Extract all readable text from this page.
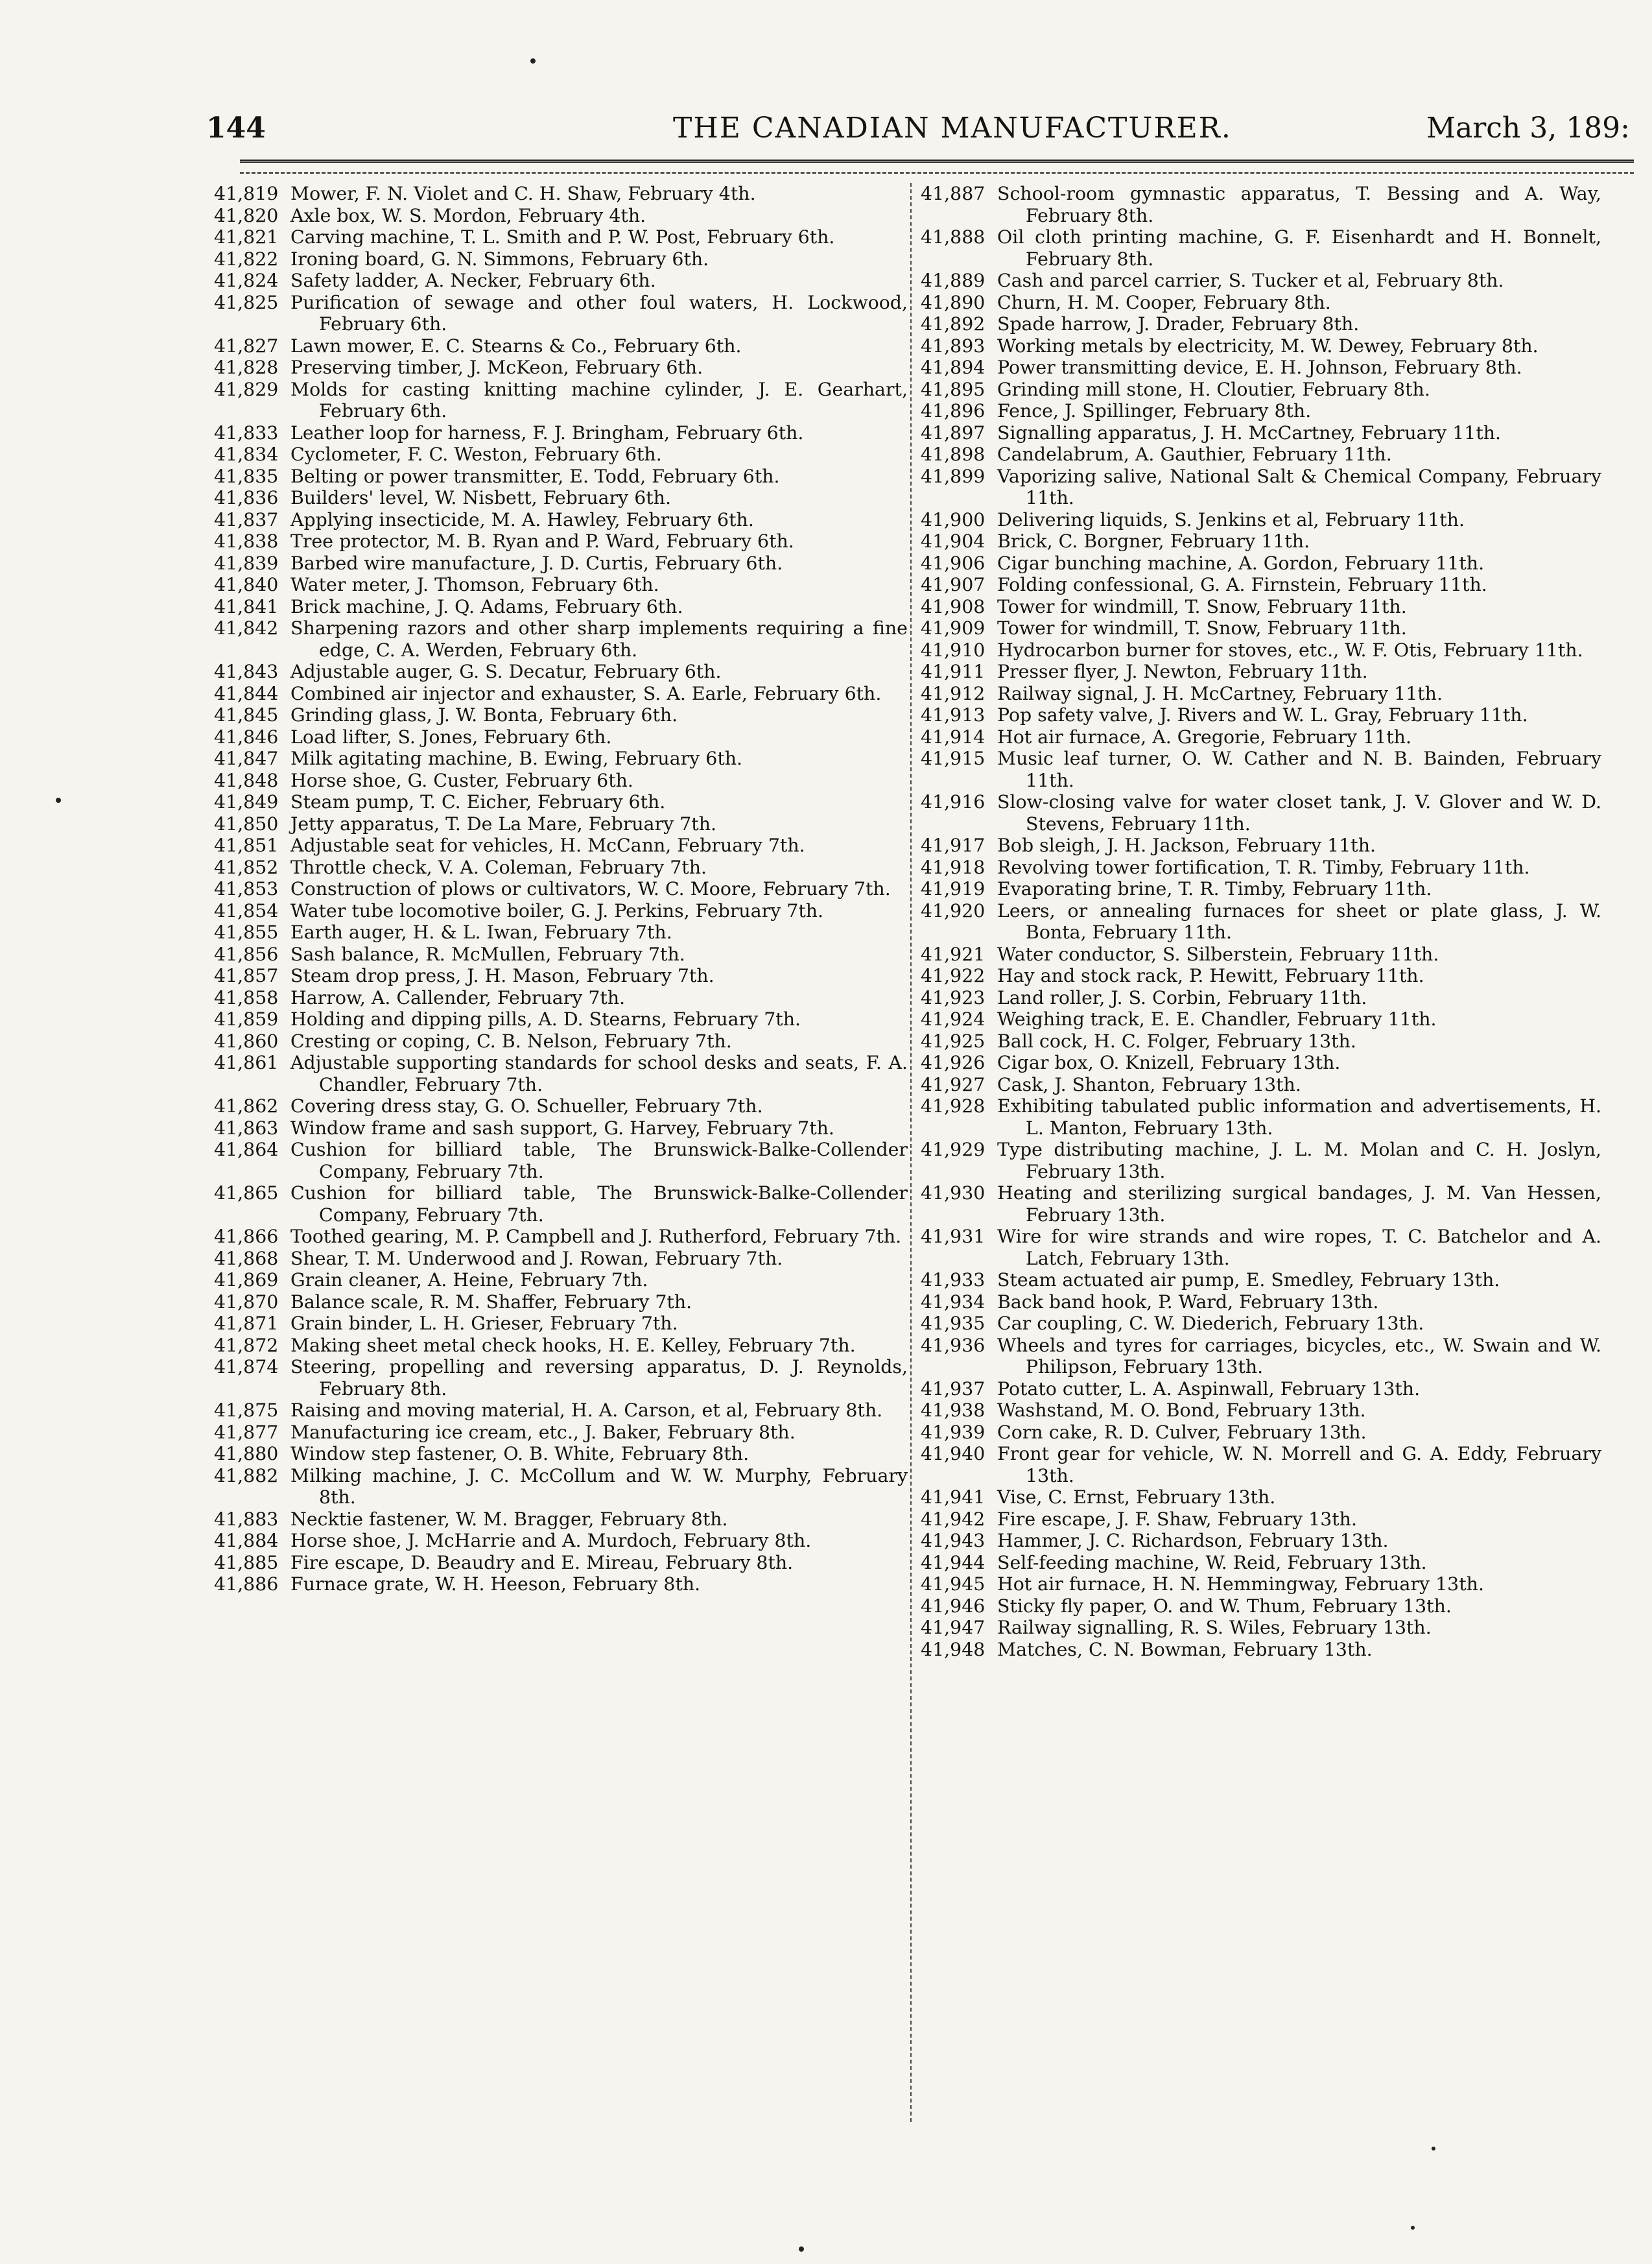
144	THE CANADIAN MANUFACTURER.	March 3, 189:
41,819 Mower, F. N. Violet and C. H. Shaw, February 4th.
41,820 Axle box, W. S. Mordon, February 4th.
41,821 Carving machine, T. L. Smith and P. W. Post, February 6th.
41,822 Ironing board, G. N. Simmons, February 6th.
41,824 Safety ladder, A. Necker, February 6th.
41,825 Purification of sewage and other foul waters, H. Lockwood, February 6th.
41,827 Lawn mower, E. C. Stearns & Co., February 6th.
41,828 Preserving timber, J. McKeon, February 6th.
41,829 Molds for casting knitting machine cylinder, J. E. Gearhart, February 6th.
41,833 Leather loop for harness, F. J. Bringham, February 6th.
41,834 Cyclometer, F. C. Weston, February 6th.
41,835 Belting or power transmitter, E. Todd, February 6th.
41,836 Builders' level, W. Nisbett, February 6th.
41,837 Applying insecticide, M. A. Hawley, February 6th.
41,838 Tree protector, M. B. Ryan and P. Ward, February 6th.
41,839 Barbed wire manufacture, J. D. Curtis, February 6th.
41,840 Water meter, J. Thomson, February 6th.
41,841 Brick machine, J. Q. Adams, February 6th.
41,842 Sharpening razors and other sharp implements requiring a fine edge, C. A. Werden, February 6th.
41,843 Adjustable auger, G. S. Decatur, February 6th.
41,844 Combined air injector and exhauster, S. A. Earle, February 6th.
41,845 Grinding glass, J. W. Bonta, February 6th.
41,846 Load lifter, S. Jones, February 6th.
41,847 Milk agitating machine, B. Ewing, February 6th.
41,848 Horse shoe, G. Custer, February 6th.
41,849 Steam pump, T. C. Eicher, February 6th.
41,850 Jetty apparatus, T. De La Mare, February 7th.
41,851 Adjustable seat for vehicles, H. McCann, February 7th.
41,852 Throttle check, V. A. Coleman, February 7th.
41,853 Construction of plows or cultivators, W. C. Moore, February 7th.
41,854 Water tube locomotive boiler, G. J. Perkins, February 7th.
41,855 Earth auger, H. & L. Iwan, February 7th.
41,856 Sash balance, R. McMullen, February 7th.
41,857 Steam drop press, J. H. Mason, February 7th.
41,858 Harrow, A. Callender, February 7th.
41,859 Holding and dipping pills, A. D. Stearns, February 7th.
41,860 Cresting or coping, C. B. Nelson, February 7th.
41,861 Adjustable supporting standards for school desks and seats, F. A. Chandler, February 7th.
41,862 Covering dress stay, G. O. Schueller, February 7th.
41,863 Window frame and sash support, G. Harvey, February 7th.
41,864 Cushion for billiard table, The Brunswick-Balke-Collender Company, February 7th.
41,865 Cushion for billiard table, The Brunswick-Balke-Collender Company, February 7th.
41,866 Toothed gearing, M. P. Campbell and J. Rutherford, February 7th.
41,868 Shear, T. M. Underwood and J. Rowan, February 7th.
41,869 Grain cleaner, A. Heine, February 7th.
41,870 Balance scale, R. M. Shaffer, February 7th.
41,871 Grain binder, L. H. Grieser, February 7th.
41,872 Making sheet metal check hooks, H. E. Kelley, February 7th.
41,874 Steering, propelling and reversing apparatus, D. J. Reynolds, February 8th.
41,875 Raising and moving material, H. A. Carson, et al, February 8th.
41,877 Manufacturing ice cream, etc., J. Baker, February 8th.
41,880 Window step fastener, O. B. White, February 8th.
41,882 Milking machine, J. C. McCollum and W. W. Murphy, February 8th.
41,883 Necktie fastener, W. M. Bragger, February 8th.
41,884 Horse shoe, J. McHarrie and A. Murdoch, February 8th.
41,885 Fire escape, D. Beaudry and E. Mireau, February 8th.
41,886 Furnace grate, W. H. Heeson, February 8th.
41,887 School-room gymnastic apparatus, T. Bessing and A. Way, February 8th.
41,888 Oil cloth printing machine, G. F. Eisenhardt and H. Bonnelt, February 8th.
41,889 Cash and parcel carrier, S. Tucker et al, February 8th.
41,890 Churn, H. M. Cooper, February 8th.
41,892 Spade harrow, J. Drader, February 8th.
41,893 Working metals by electricity, M. W. Dewey, February 8th.
41,894 Power transmitting device, E. H. Johnson, February 8th.
41,895 Grinding mill stone, H. Cloutier, February 8th.
41,896 Fence, J. Spillinger, February 8th.
41,897 Signalling apparatus, J. H. McCartney, February 11th.
41,898 Candelabrum, A. Gauthier, February 11th.
41,899 Vaporizing salive, National Salt & Chemical Company, February 11th.
41,900 Delivering liquids, S. Jenkins et al, February 11th.
41,904 Brick, C. Borgner, February 11th.
41,906 Cigar bunching machine, A. Gordon, February 11th.
41,907 Folding confessional, G. A. Firnstein, February 11th.
41,908 Tower for windmill, T. Snow, February 11th.
41,909 Tower for windmill, T. Snow, February 11th.
41,910 Hydrocarbon burner for stoves, etc., W. F. Otis, February 11th.
41,911 Presser flyer, J. Newton, February 11th.
41,912 Railway signal, J. H. McCartney, February 11th.
41,913 Pop safety valve, J. Rivers and W. L. Gray, February 11th.
41,914 Hot air furnace, A. Gregorie, February 11th.
41,915 Music leaf turner, O. W. Cather and N. B. Bainden, February 11th.
41,916 Slow-closing valve for water closet tank, J. V. Glover and W. D. Stevens, February 11th.
41,917 Bob sleigh, J. H. Jackson, February 11th.
41,918 Revolving tower fortification, T. R. Timby, February 11th.
41,919 Evaporating brine, T. R. Timby, February 11th.
41,920 Leers, or annealing furnaces for sheet or plate glass, J. W. Bonta, February 11th.
41,921 Water conductor, S. Silberstein, February 11th.
41,922 Hay and stock rack, P. Hewitt, February 11th.
41,923 Land roller, J. S. Corbin, February 11th.
41,924 Weighing track, E. E. Chandler, February 11th.
41,925 Ball cock, H. C. Folger, February 13th.
41,926 Cigar box, O. Knizell, February 13th.
41,927 Cask, J. Shanton, February 13th.
41,928 Exhibiting tabulated public information and advertisements, H. L. Manton, February 13th.
41,929 Type distributing machine, J. L. M. Molan and C. H. Joslyn, February 13th.
41,930 Heating and sterilizing surgical bandages, J. M. Van Hessen, February 13th.
41,931 Wire for wire strands and wire ropes, T. C. Batchelor and A. Latch, February 13th.
41,933 Steam actuated air pump, E. Smedley, February 13th.
41,934 Back band hook, P. Ward, February 13th.
41,935 Car coupling, C. W. Diederich, February 13th.
41,936 Wheels and tyres for carriages, bicycles, etc., W. Swain and W. Philipson, February 13th.
41,937 Potato cutter, L. A. Aspinwall, February 13th.
41,938 Washstand, M. O. Bond, February 13th.
41,939 Corn cake, R. D. Culver, February 13th.
41,940 Front gear for vehicle, W. N. Morrell and G. A. Eddy, February 13th.
41,941 Vise, C. Ernst, February 13th.
41,942 Fire escape, J. F. Shaw, February 13th.
41,943 Hammer, J. C. Richardson, February 13th.
41,944 Self-feeding machine, W. Reid, February 13th.
41,945 Hot air furnace, H. N. Hemmingway, February 13th.
41,946 Sticky fly paper, O. and W. Thum, February 13th.
41,947 Railway signalling, R. S. Wiles, February 13th.
41,948 Matches, C. N. Bowman, February 13th.
